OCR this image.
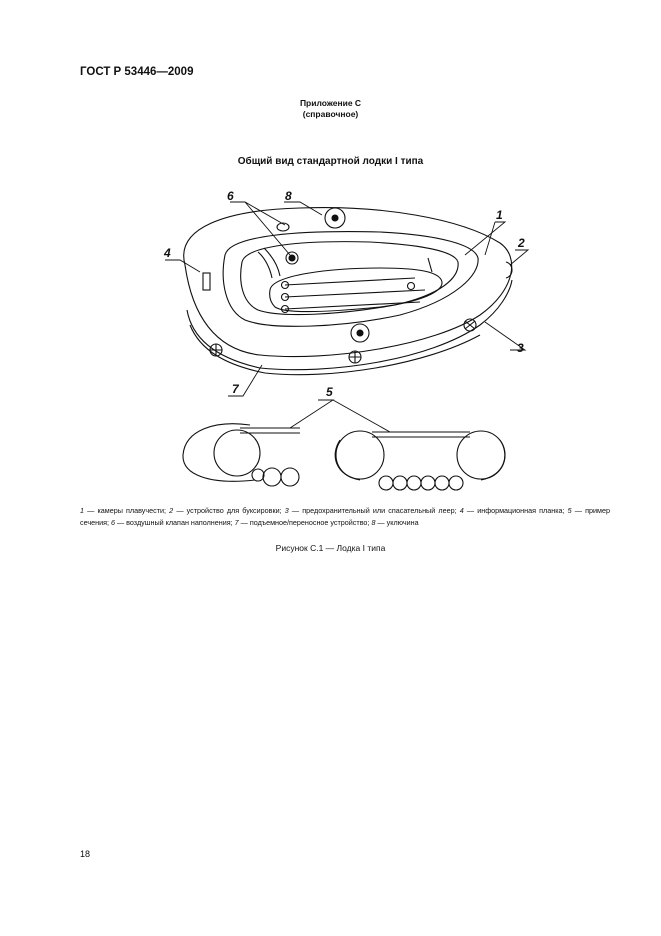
ГОСТ Р 53446—2009
Приложение С
(справочное)
Общий вид стандартной лодки I типа
6	8
1
2
3
4
5
7
1 — камеры плавучести; 2 — устройство для буксировки; 3 — предохранительный или спасательный леер; 4 — информационная планка; 5 — пример сечения; 6 — воздушный клапан наполнения; 7 — подъемное/переносное устройство; 8 — уключина
Рисунок С.1 — Лодка I типа
18
